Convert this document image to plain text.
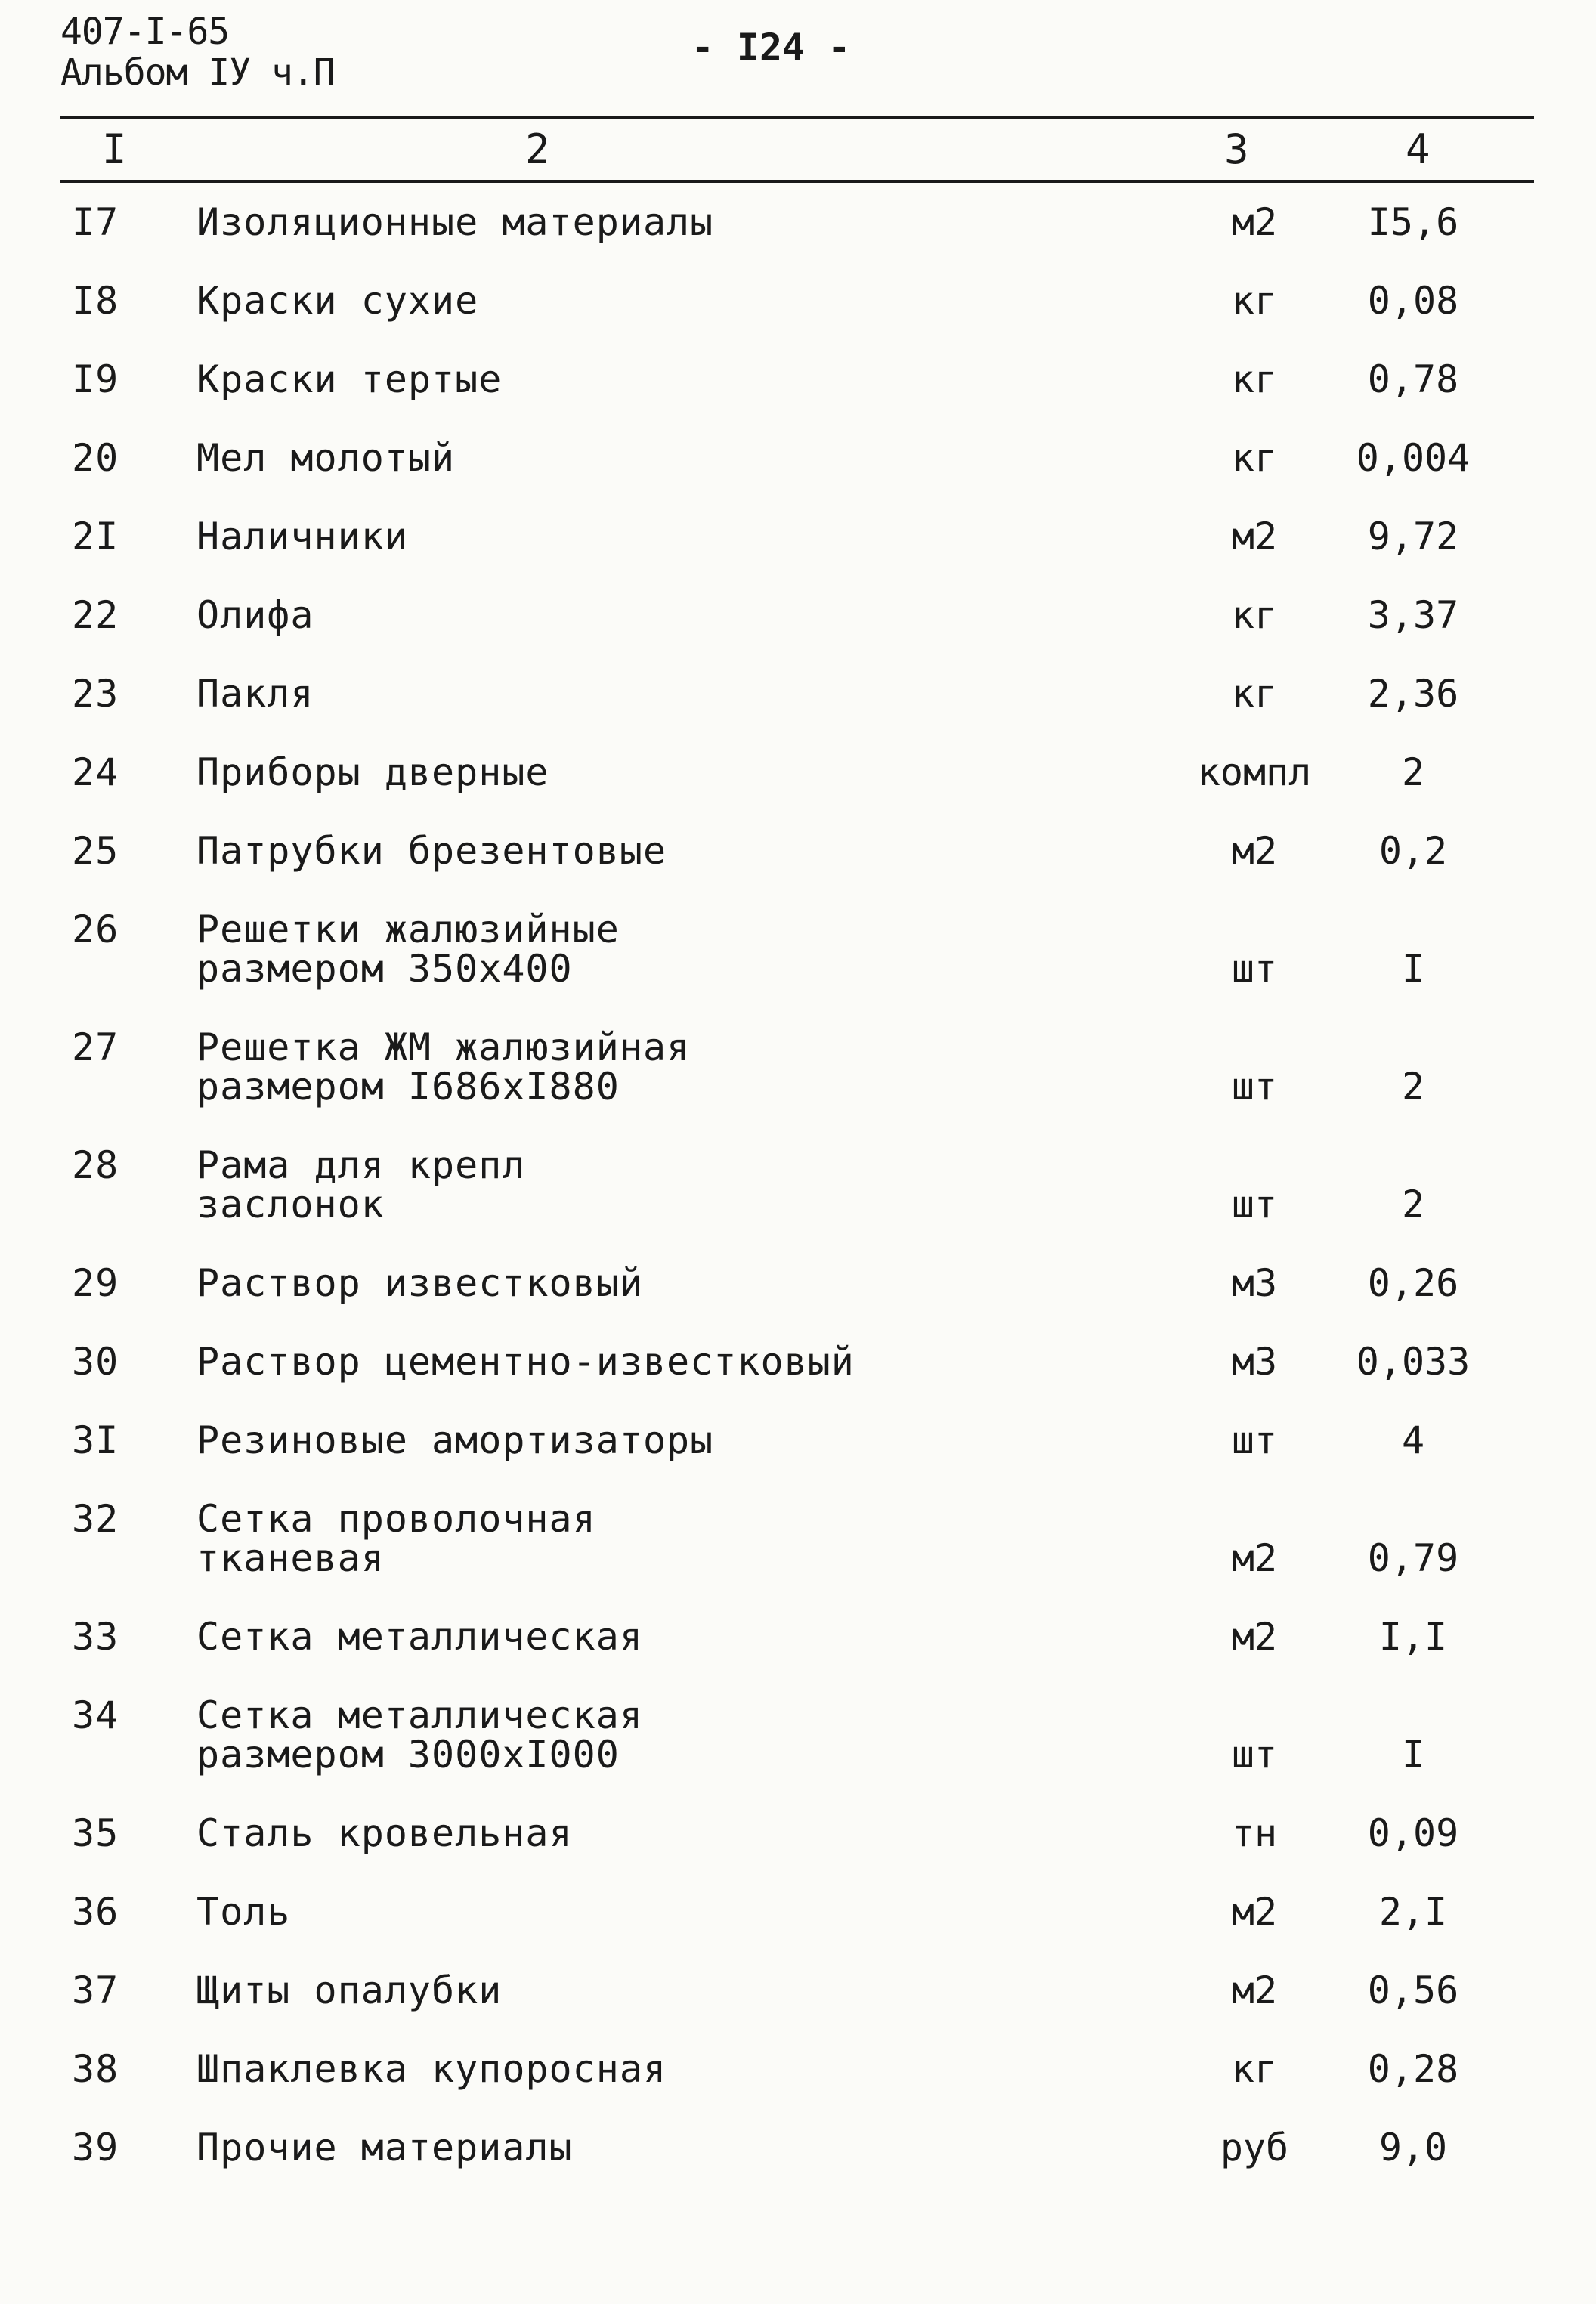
407-I-65
Альбом IУ ч.П
- I24 -
I	2	3	4
I7 Изоляционные материалы	м2	I5,6
I8 Краски сухие	кг	0,08
I9 Краски тертые	кг	0,78
20 Мел молотый	кг	0,004
2I Наличники	м2	9,72
22 Олифа	кг	3,37
23 Пакля	кг	2,36
24 Приборы дверные	компл	2
25 Патрубки брезентовые	м2	0,2
26 Решетки жалюзийные
размером 350х400	шт	I
27 Решетка ЖМ жалюзийная
размером I686хI880	шт	2
28 Рама для крепл
заслонок	шт	2
29 Раствор известковый	м3	0,26
30 Раствор цементно-известковый	м3	0,033
3I Резиновые амортизаторы	шт	4
32 Сетка проволочная
тканевая	м2	0,79
33 Сетка металлическая	м2	I,I
34 Сетка металлическая
размером 3000хI000	шт	I
35 Сталь кровельная	тн	0,09
36 Толь	м2	2,I
37 Щиты опалубки	м2	0,56
38 Шпаклевка купоросная	кг	0,28
39 Прочие материалы	руб	9,0
